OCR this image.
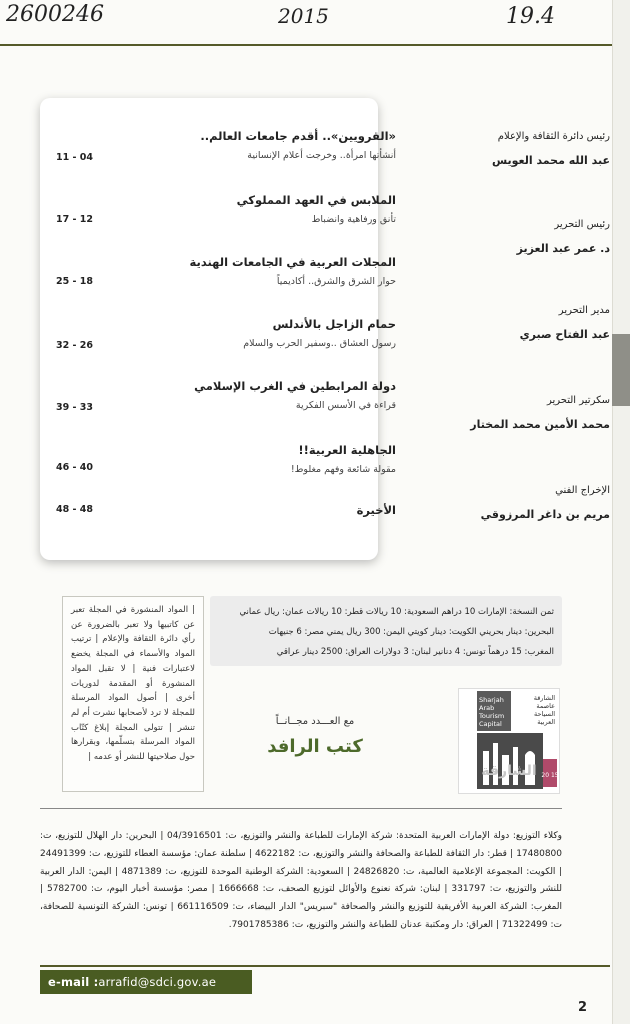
2600246	2015	19.4
«القرويين».. أقدم جامعات العالم..
أنشأتها امرأة.. وخرجت أعلام الإنسانية
11 - 04
الملابس في العهد المملوكي
تأنق ورفاهية وانضباط
17 - 12
المجلات العربية في الجامعات الهندية
حوار الشرق والشرق.. أكاديمياً
25 - 18
حمام الزاجل بالأندلس
رسول العشاق ..وسفير الحرب والسلام
32 - 26
دولة المرابطين في الغرب الإسلامي
قراءة في الأسس الفكرية
39 - 33
الجاهلية العربية!!
مقولة شائعة وفهم مغلوط!
46 - 40
الأخيرة
48 - 48
رئيس دائرة الثقافة والإعلام
عبد الله محمد العويس
رئيس التحرير
د. عمر عبد العزيز
مدير التحرير
عبد الفتاح صبري
سكرتير التحرير
محمد الأمين محمد المختار
الإخراج الفني
مريم بن داغر المرزوقي
| المواد المنشورة في المجلة تعبر عن كاتبيها ولا تعبر بالضرورة عن رأي دائرة الثقافة والإعلام | ترتيب المواد والأسماء في المجلة يخضع لاعتبارات فنية | لا تقبل المواد المنشورة أو المقدمة لدوريات أخرى | أصول المواد المرسلة للمجلة لا ترد لأصحابها نشرت أم لم تنشر | تتولى المجلة إبلاغ كتّاب المواد المرسلة بتسلّمها، وبقرارها حول صلاحيتها للنشر أو عدمه |
ثمن النسخة: الإمارات 10 دراهم السعودية: 10 ريالات قطر: 10 ريالات عمان: ريال عماني
البحرين: دينار بحريني الكويت: دينار كويتي اليمن: 300 ريال يمني مصر: 6 جنيهات
المغرب: 15 درهماً تونس: 4 دنانير لبنان: 3 دولارات العراق: 2500 دينار عراقي
مع العـــدد مجــانــاً
كتب الرافد
Sharjah
Arab
Tourism
Capital
الشارقة
عاصمة
السياحة
العربية
الشارقة 20 15
وكلاء التوزيع: دولة الإمارات العربية المتحدة: شركة الإمارات للطباعة والنشر والتوزيع، ت: 04/3916501 | البحرين: دار الهلال للتوزيع، ت: 17480800 | قطر: دار الثقافة للطباعة والصحافة والنشر والتوزيع، ت: 4622182 | سلطنة عمان: مؤسسة العطاء للتوزيع، ت: 24491399 | الكويت: المجموعة الإعلامية العالمية، ت: 24826820 | السعودية: الشركة الوطنية الموحدة للتوزيع، ت: 4871389 | اليمن: الدار العربية للنشر والتوزيع، ت: 331797 | لبنان: شركة نعنوع والأوائل لتوزيع الصحف، ت: 1666668 | مصر: مؤسسة أخبار اليوم، ت: 5782700 | المغرب: الشركة العربية الأفريقية للتوزيع والنشر والصحافة "سبريس" الدار البيضاء، ت: 661116509 | تونس: الشركة التونسية للصحافة، ت: 71322499 | العراق: دار ومكتبة عدنان للطباعة والنشر والتوزيع، ت: 7901785386.
e-mail :arrafid@sdci.gov.ae
2
